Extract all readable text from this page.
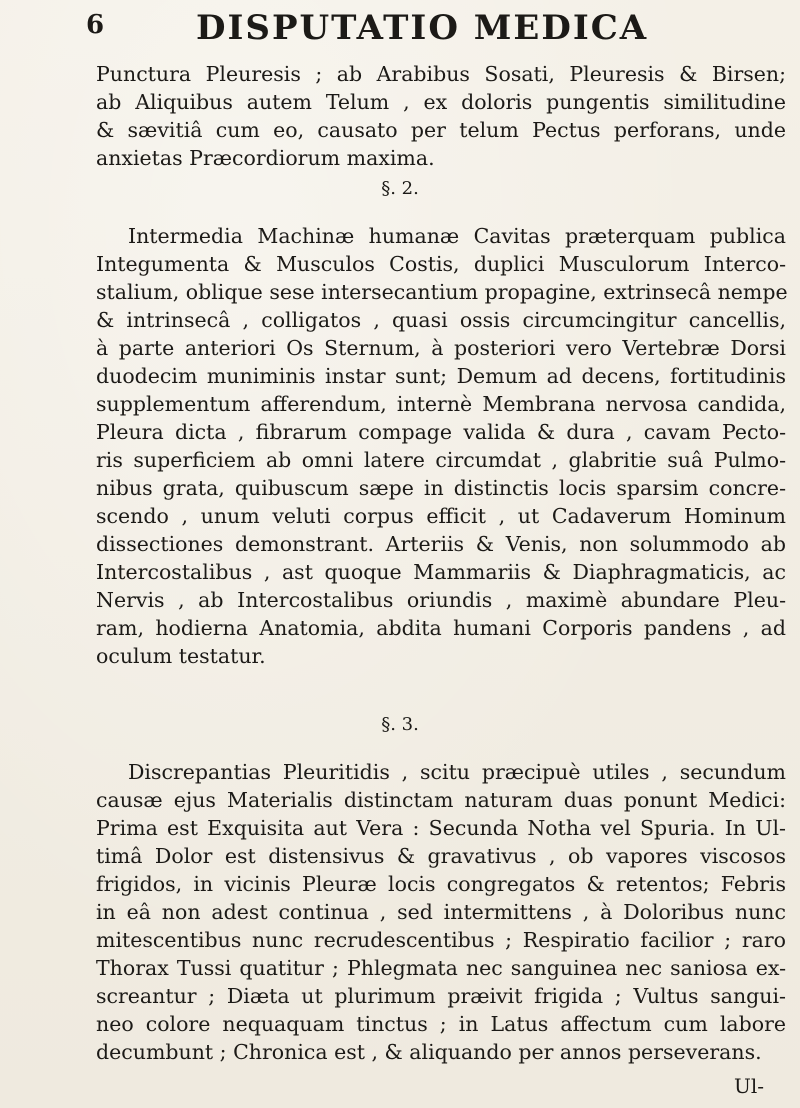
6	DISPUTATIO MEDICA

Punctura Pleuresis ; ab Arabibus Sosati, Pleuresis & Birsen;
ab Aliquibus autem Telum , ex doloris pungentis similitudine
& sævitiâ cum eo, causato per telum Pectus perforans, unde
anxietas Præcordiorum maxima.

§. 2.

Intermedia Machinæ humanæ Cavitas præterquam publica
Integumenta & Musculos Costis, duplici Musculorum Interco-
stalium, oblique sese intersecantium propagine, extrinsecâ nempe
& intrinsecâ , colligatos , quasi ossis circumcingitur cancellis,
à parte anteriori Os Sternum, à posteriori vero Vertebræ Dorsi
duodecim muniminis instar sunt; Demum ad decens, fortitudinis
supplementum afferendum, internè Membrana nervosa candida,
Pleura dicta , fibrarum compage valida & dura , cavam Pecto-
ris superficiem ab omni latere circumdat , glabritie suâ Pulmo-
nibus grata, quibuscum sæpe in distinctis locis sparsim concre-
scendo , unum veluti corpus efficit , ut Cadaverum Hominum
dissectiones demonstrant. Arteriis & Venis, non solummodo ab
Intercostalibus , ast quoque Mammariis & Diaphragmaticis, ac
Nervis , ab Intercostalibus oriundis , maximè abundare Pleu-
ram, hodierna Anatomia, abdita humani Corporis pandens , ad
oculum testatur.

§. 3.

Discrepantias Pleuritidis , scitu præcipuè utiles , secundum
causæ ejus Materialis distinctam naturam duas ponunt Medici:
Prima est Exquisita aut Vera : Secunda Notha vel Spuria. In Ul-
timâ Dolor est distensivus & gravativus , ob vapores viscosos
frigidos, in vicinis Pleuræ locis congregatos & retentos; Febris
in eâ non adest continua , sed intermittens , à Doloribus nunc
mitescentibus nunc recrudescentibus ; Respiratio facilior ; raro
Thorax Tussi quatitur ; Phlegmata nec sanguinea nec saniosa ex-
screantur ; Diæta ut plurimum præivit frigida ; Vultus sangui-
neo colore nequaquam tinctus ; in Latus affectum cum labore
decumbunt ; Chronica est , & aliquando per annos perseverans.

Ul-
